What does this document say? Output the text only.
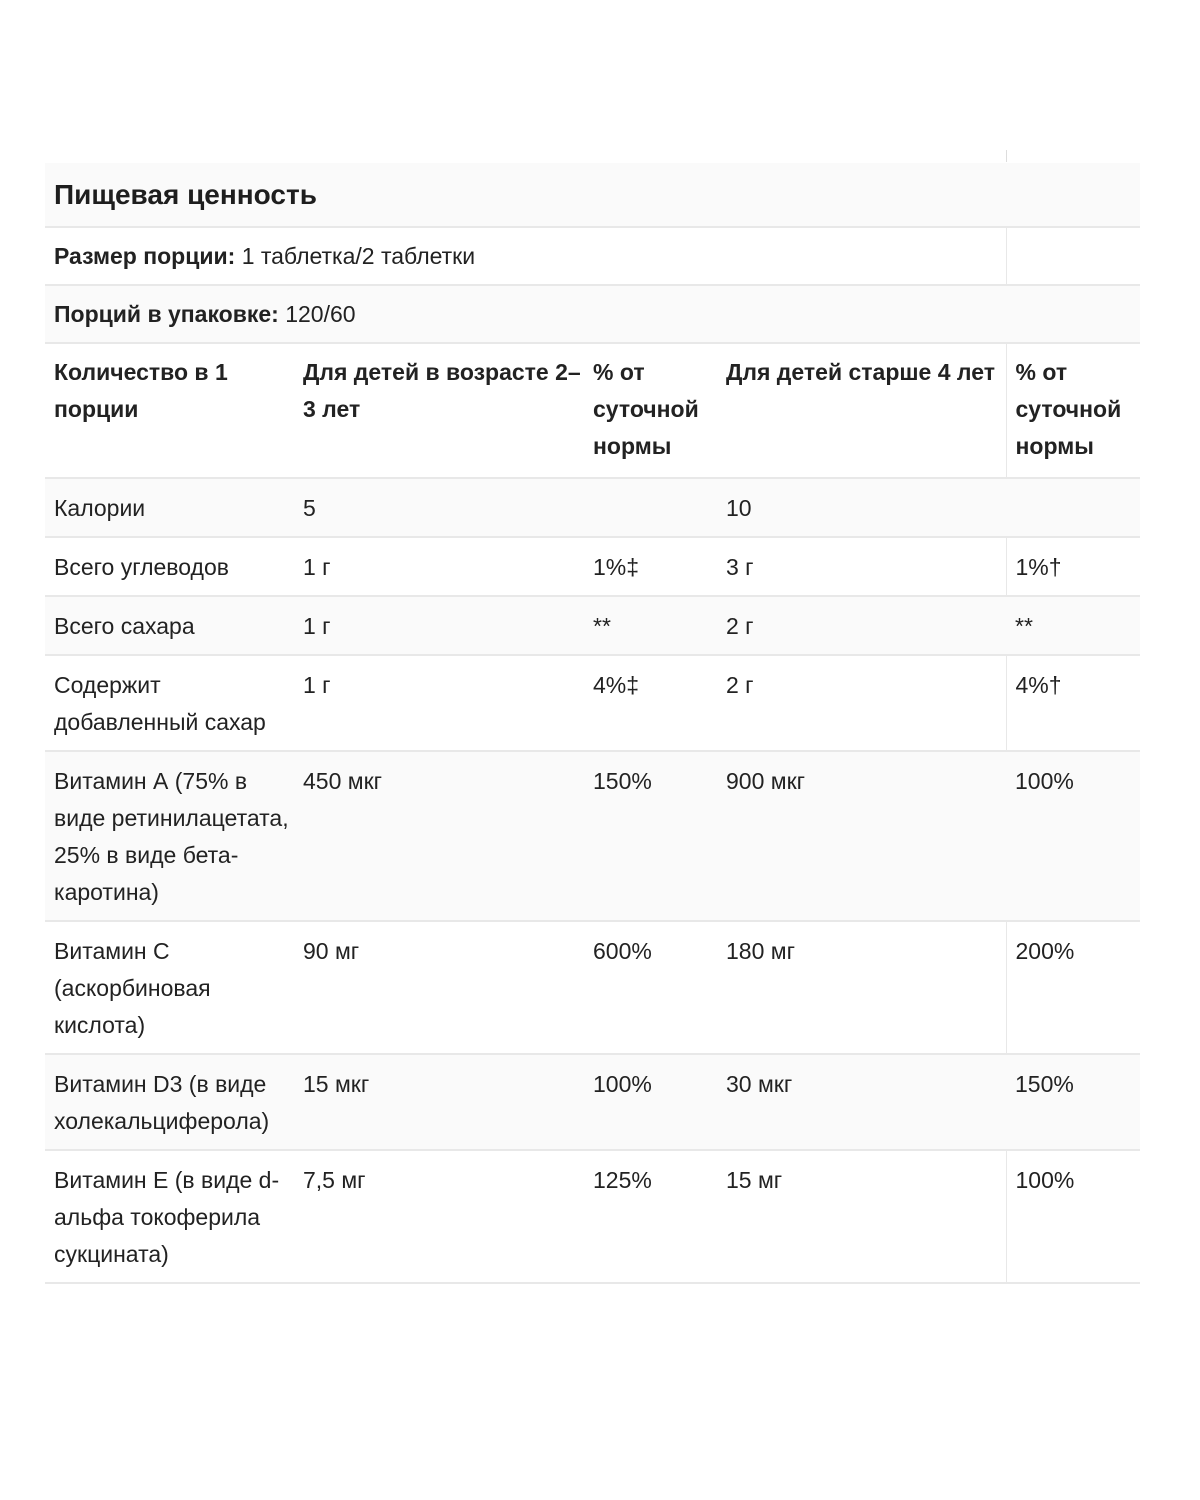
Пищевая ценность				
Размер порции: 1 таблетка/2 таблетки				
Порций в упаковке: 120/60				
Количество в 1 порции	Для детей в возрасте 2–3 лет	% от суточной нормы	Для детей старше 4 лет	% от суточной нормы
Калории	5		10	
Всего углеводов	1 г	1%‡	3 г	1%†
Всего сахара	1 г	**	2 г	**
Содержит добавленный сахар	1 г	4%‡	2 г	4%†
Витамин А (75% в виде ретинилацетата, 25% в виде бета-каротина)	450 мкг	150%	900 мкг	100%
Витамин С (аскорбиновая кислота)	90 мг	600%	180 мг	200%
Витамин D3 (в виде холекальциферола)	15 мкг	100%	30 мкг	150%
Витамин Е (в виде d-альфа токоферила сукцината)	7,5 мг	125%	15 мг	100%
